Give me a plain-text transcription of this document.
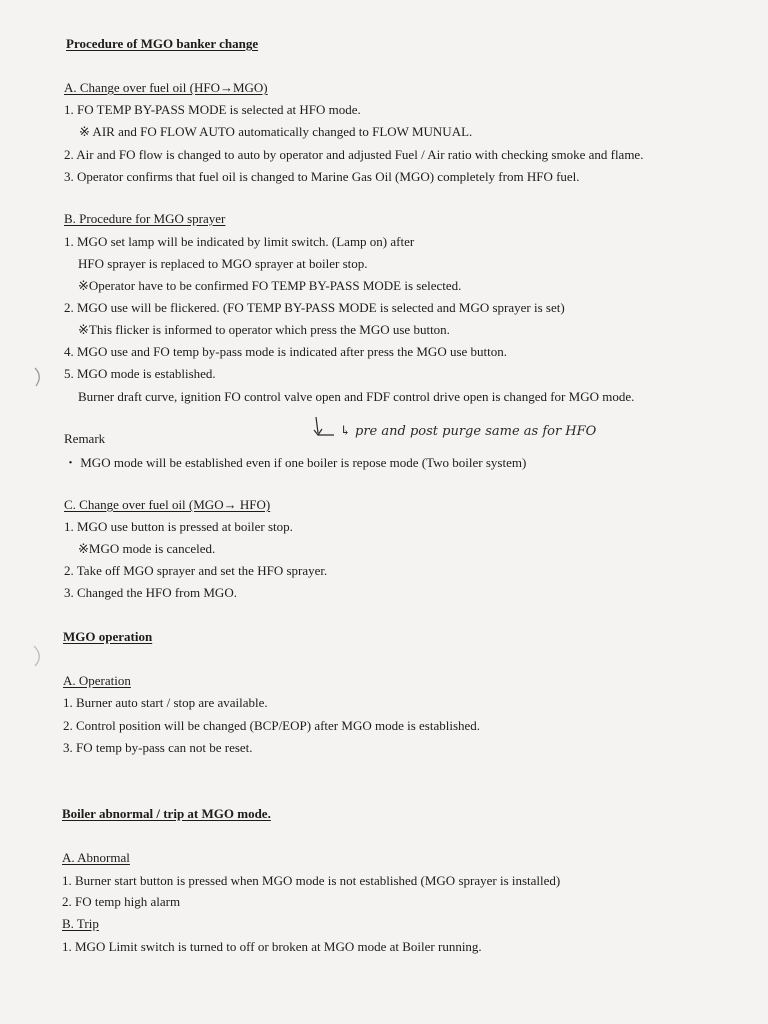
Procedure of MGO banker change
A. Change over fuel oil (HFO→MGO)
1. FO TEMP BY-PASS MODE is selected at HFO mode.
※ AIR and FO FLOW AUTO automatically changed to FLOW MUNUAL.
2. Air and FO flow is changed to auto by operator and adjusted Fuel / Air ratio with checking smoke and flame.
3. Operator confirms that fuel oil is changed to Marine Gas Oil (MGO) completely from HFO fuel.
B. Procedure for MGO sprayer
1. MGO set lamp will be indicated by limit switch. (Lamp on) after
HFO sprayer is replaced to MGO sprayer at boiler stop.
※Operator have to be confirmed FO TEMP BY-PASS MODE is selected.
2. MGO use will be flickered. (FO TEMP BY-PASS MODE is selected and MGO sprayer is set)
※This flicker is informed to operator which press the MGO use button.
4. MGO use and FO temp by-pass mode is indicated after press the MGO use button.
5. MGO mode is established.
Burner draft curve, ignition FO control valve open and FDF control drive open is changed for MGO mode.
↳ pre and post purge same as for HFO
Remark
・ MGO mode will be established even if one boiler is repose mode (Two boiler system)
C. Change over fuel oil (MGO→ HFO)
1. MGO use button is pressed at boiler stop.
※MGO mode is canceled.
2. Take off MGO sprayer and set the HFO sprayer.
3. Changed the HFO from MGO.
MGO operation
A. Operation
1. Burner auto start / stop are available.
2. Control position will be changed (BCP/EOP) after MGO mode is established.
3. FO temp by-pass can not be reset.
Boiler abnormal / trip at MGO mode.
A. Abnormal
1. Burner start button is pressed when MGO mode is not established (MGO sprayer is installed)
2. FO temp high alarm
B. Trip
1. MGO Limit switch is turned to off or broken at MGO mode at Boiler running.
